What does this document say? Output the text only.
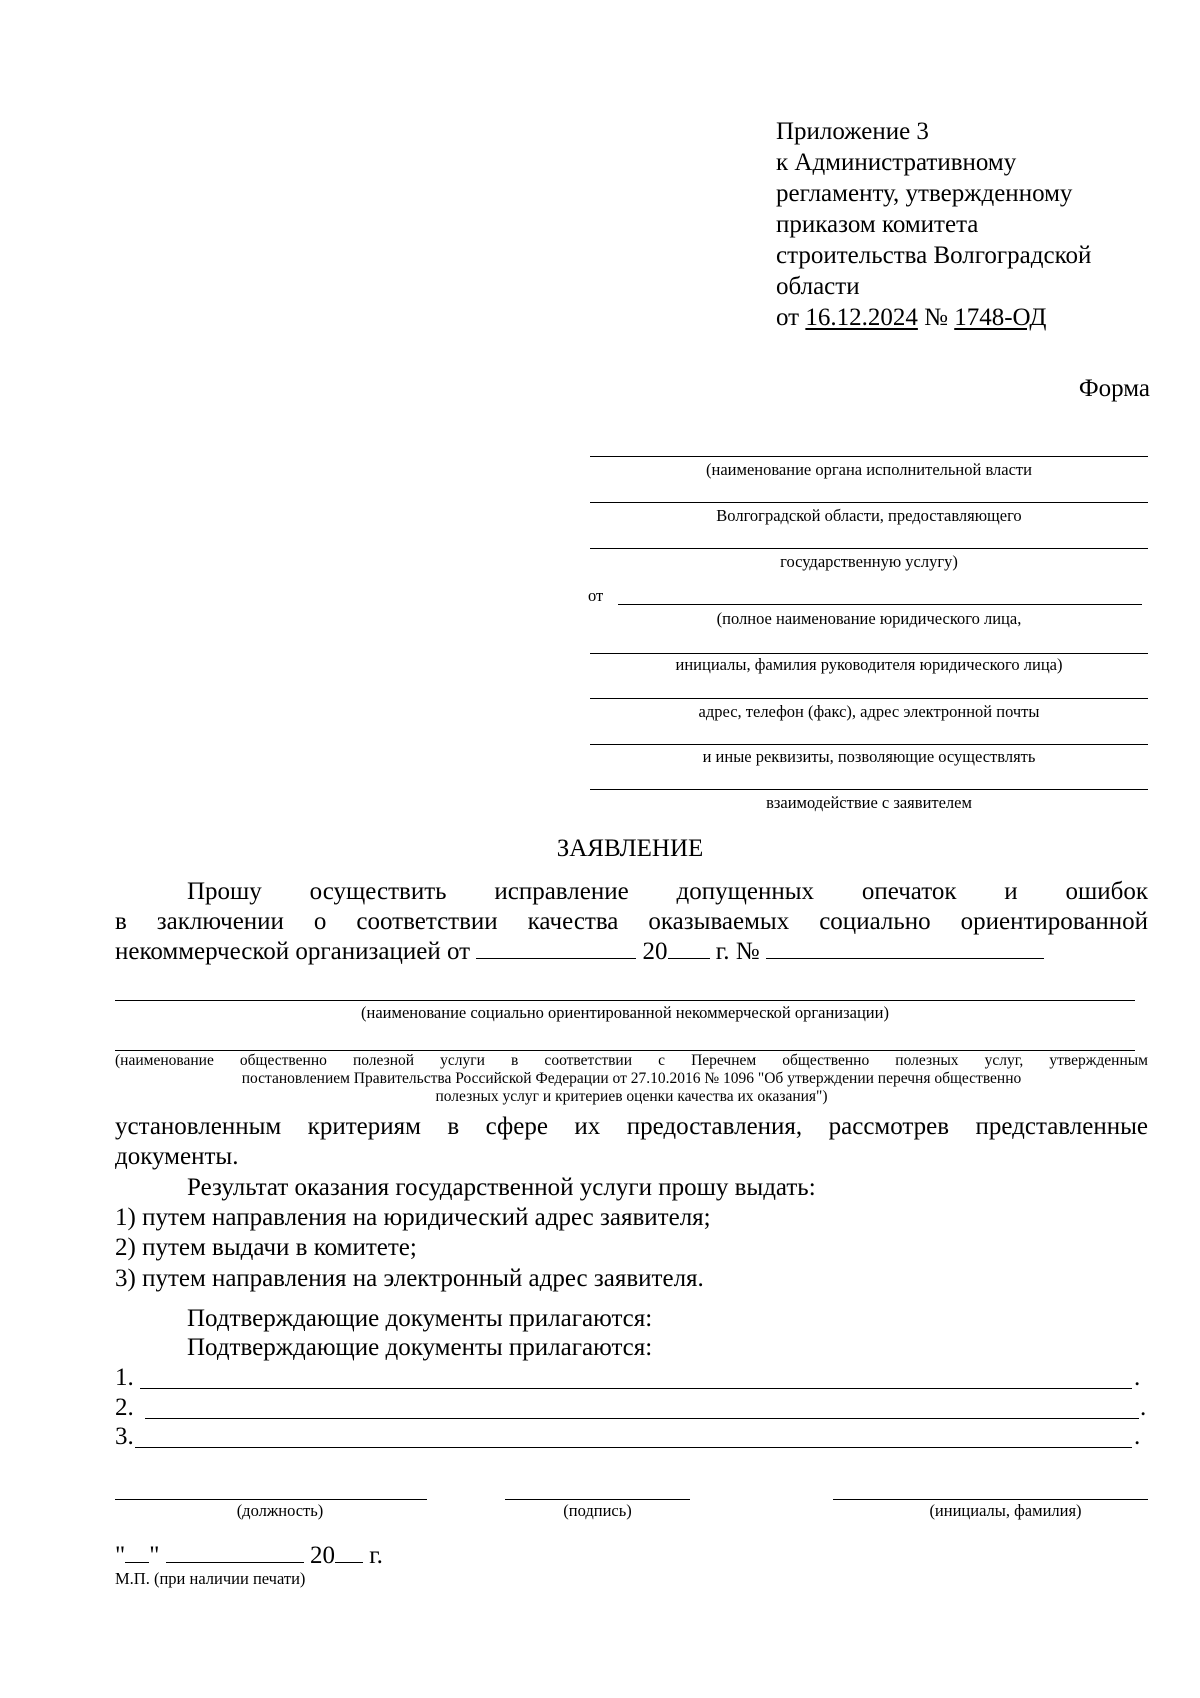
Приложение 3
к Административному
регламенту, утвержденному
приказом комитета
строительства Волгоградской
области
от 16.12.2024 № 1748-ОД
Форма
(наименование органа исполнительной власти
Волгоградской области, предоставляющего
государственную услугу)
от
(полное наименование юридического лица,
инициалы, фамилия руководителя юридического лица)
адрес, телефон (факс), адрес электронной почты
и иные реквизиты, позволяющие осуществлять
взаимодействие с заявителем
ЗАЯВЛЕНИЕ
Прошу осуществить исправление допущенных опечаток и ошибок
в заключении о соответствии качества оказываемых социально ориентированной
некоммерческой организацией от	20 г. №
(наименование социально ориентированной некоммерческой организации)
(наименование общественно полезной услуги в соответствии с Перечнем общественно полезных услуг, утвержденным
постановлением Правительства Российской Федерации от 27.10.2016 № 1096 "Об утверждении перечня общественно
полезных услуг и критериев оценки качества их оказания")
установленным критериям в сфере их предоставления, рассмотрев представленные
документы.
Результат оказания государственной услуги прошу выдать:
1) путем направления на юридический адрес заявителя;
2) путем выдачи в комитете;
3) путем направления на электронный адрес заявителя.
Подтверждающие документы прилагаются:
Подтверждающие документы прилагаются:
1.	.
2.	.
3.	.
(должность)	(подпись)	(инициалы, фамилия)
" "	20 г.
М.П. (при наличии печати)
